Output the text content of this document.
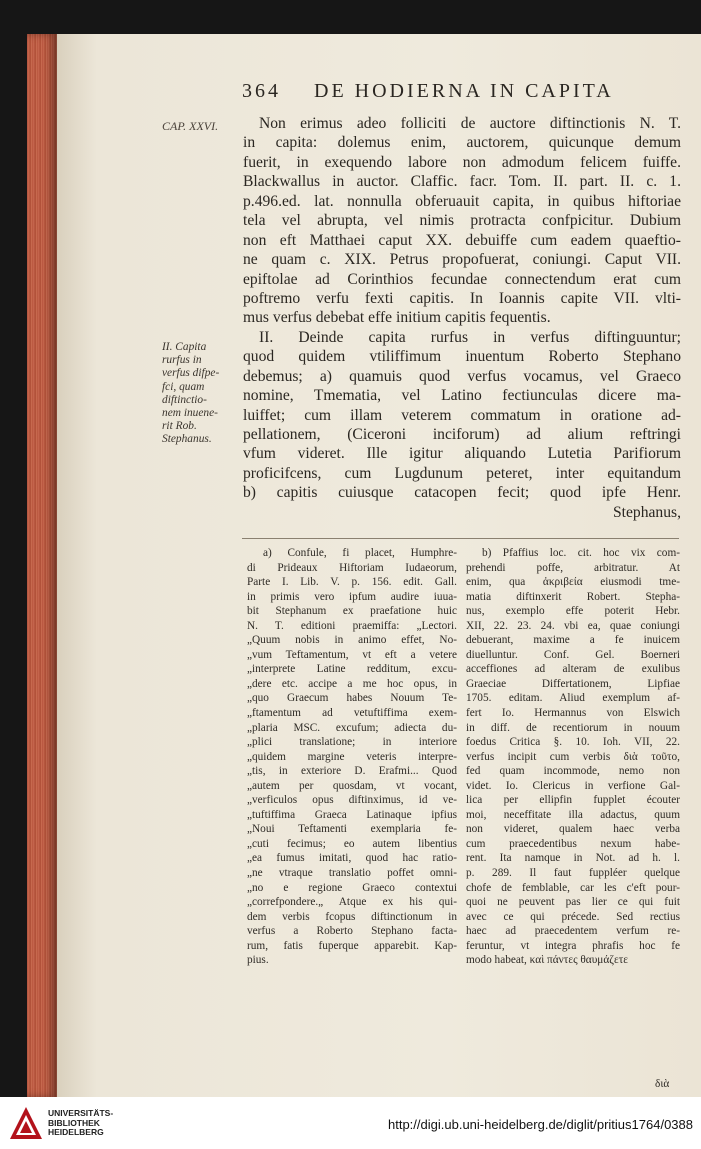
364 DE HODIERNA IN CAPITA
CAP. XXVI.	Non erimus adeo folliciti de auctore diftinctionis N. T.
in capita: dolemus enim, auctorem, quicunque demum
fuerit, in exequendo labore non admodum felicem fuiffe.
Blackwallus in auctor. Claffic. facr. Tom. II. part. II. c. 1.
p.496.ed. lat. nonnulla obferuauit capita, in quibus hiftoriae
tela vel abrupta, vel nimis protracta confpicitur. Dubium
non eft Matthaei caput XX. debuiffe cum eadem quaeftio-
ne quam c. XIX. Petrus propofuerat, coniungi. Caput VII.
epiftolae ad Corinthios fecundae connectendum erat cum
poftremo verfu fexti capitis. In Ioannis capite VII. vlti-
mus verfus debebat effe initium capitis fequentis.
II. Deinde capita rurfus in verfus diftinguuntur;
quod quidem vtiliffimum inuentum Roberto Stephano
debemus; a) quamuis quod verfus vocamus, vel Graeco
nomine, Tmematia, vel Latino fectiunculas dicere ma-
luiffet; cum illam veterem commatum in oratione ad-
pellationem, (Ciceroni inciforum) ad alium reftringi
vfum videret. Ille igitur aliquando Lutetia Parifiorum
proficifcens, cum Lugdunum peteret, inter equitandum
b) capitis cuiusque catacopen fecit; quod ipfe Henr.
Stephanus,
II. Capita
rurfus in
verfus difpe-
fci, quam
diftinctio-
nem inuene-
rit Rob.
Stephanus.
a) Confule, fi placet, Humphre-
di Prideaux Hiftoriam Iudaeorum,
Parte I. Lib. V. p. 156. edit. Gall.
in primis vero ipfum audire iuua-
bit Stephanum ex praefatione huic
N. T. editioni praemiffa: „Lectori.
„Quum nobis in animo effet, No-
„vum Teftamentum, vt eft a vetere
„interprete Latine redditum, excu-
„dere etc. accipe a me hoc opus, in
„quo Graecum habes Nouum Te-
„ftamentum ad vetuftiffima exem-
„plaria MSC. excufum; adiecta du-
„plici translatione; in interiore
„quidem margine veteris interpre-
„tis, in exteriore D. Erafmi... Quod
„autem per quosdam, vt vocant,
„verficulos opus diftinximus, id ve-
„tuftiffima Graeca Latinaque ipfius
„Noui Teftamenti exemplaria fe-
„cuti fecimus; eo autem libentius
„ea fumus imitati, quod hac ratio-
„ne vtraque translatio poffet omni-
„no e regione Graeco contextui
„correfpondere.„ Atque ex his qui-
dem verbis fcopus diftinctionum in
verfus a Roberto Stephano facta-
rum, fatis fuperque apparebit. Kap-
pius.
b) Pfaffius loc. cit. hoc vix com-
prehendi poffe, arbitratur. At
enim, qua ἀκριβεία eiusmodi tme-
matia diftinxerit Robert. Stepha-
nus, exemplo effe poterit Hebr.
XII, 22. 23. 24. vbi ea, quae coniungi
debuerant, maxime a fe inuicem
diuelluntur. Conf. Gel. Boerneri
acceffiones ad alteram de exulibus
Graeciae Differtationem, Lipfiae
1705. editam. Aliud exemplum af-
fert Io. Hermannus von Elswich
in diff. de recentiorum in nouum
foedus Critica §. 10. Ioh. VII, 22.
verfus incipit cum verbis διὰ τοῦτο,
fed quam incommode, nemo non
videt. Io. Clericus in verfione Gal-
lica per ellipfin fupplet écouter
moi, neceffitate illa adactus, quum
non videret, qualem haec verba
cum praecedentibus nexum habe-
rent. Ita namque in Not. ad h. l.
p. 289. Il faut fuppléer quelque
chofe de femblable, car les c'eft pour-
quoi ne peuvent pas lier ce qui fuit
avec ce qui précede. Sed rectius
haec ad praecedentem verfum re-
feruntur, vt integra phrafis hoc fe
modo habeat, καὶ πάντες θαυμάζετε
διὰ
UNIVERSITÄTS-
BIBLIOTHEK
HEIDELBERG	http://digi.ub.uni-heidelberg.de/diglit/pritius1764/0388
